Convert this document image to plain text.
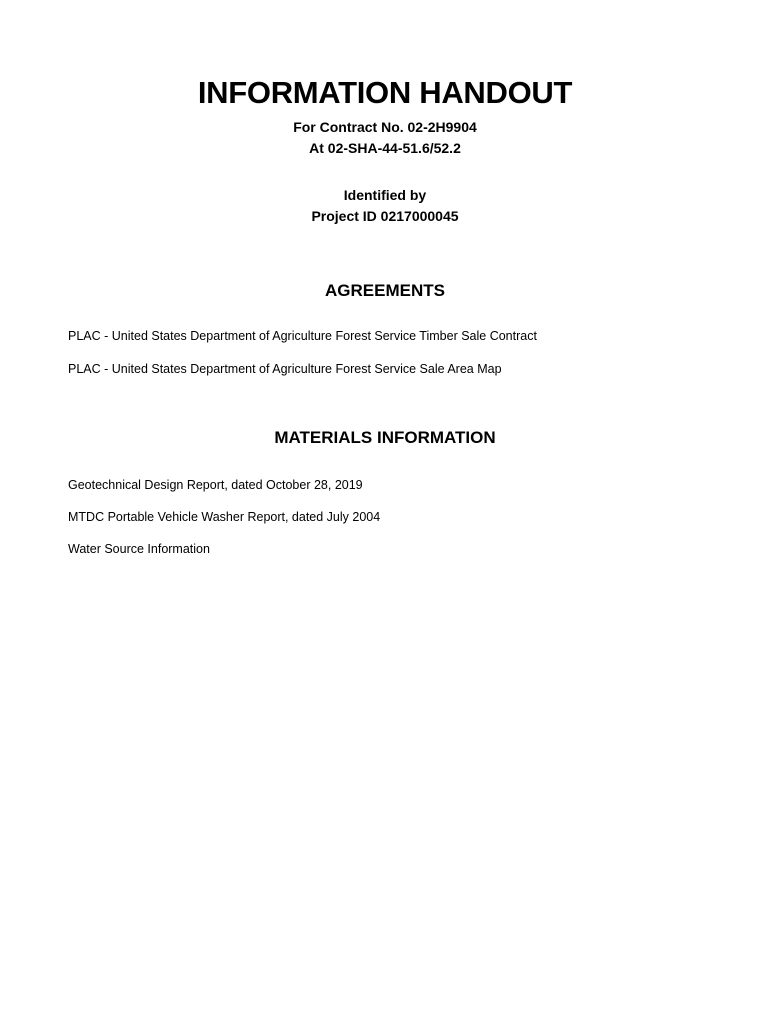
INFORMATION HANDOUT
For Contract No. 02-2H9904
At 02-SHA-44-51.6/52.2
Identified by
Project ID 0217000045
AGREEMENTS
PLAC - United States Department of Agriculture Forest Service Timber Sale Contract
PLAC - United States Department of Agriculture Forest Service Sale Area Map
MATERIALS INFORMATION
Geotechnical Design Report, dated October 28, 2019
MTDC Portable Vehicle Washer Report, dated July 2004
Water Source Information
